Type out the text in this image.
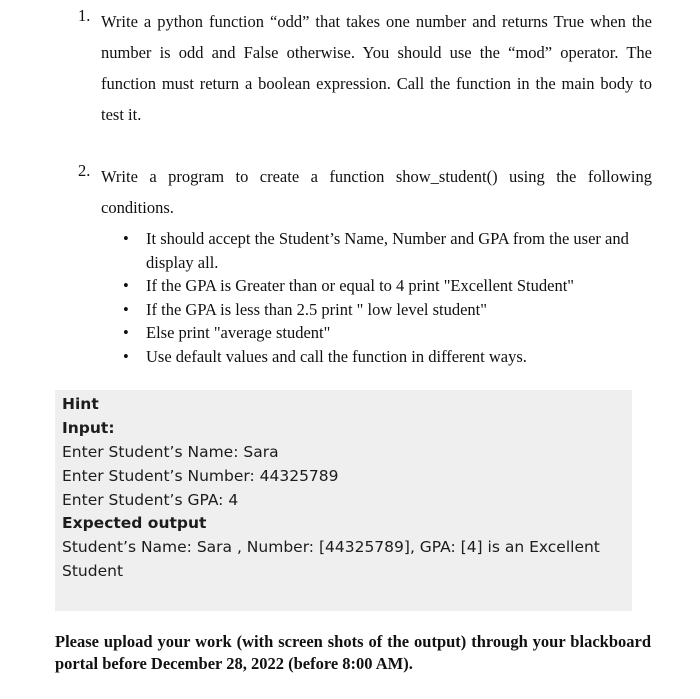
1. Write a python function “odd” that takes one number and returns True when the number is odd and False otherwise. You should use the “mod” operator. The function must return a boolean expression. Call the function in the main body to test it.
2. Write a program to create a function show_student() using the following conditions.
• It should accept the Student’s Name, Number and GPA from the user and display all.
• If the GPA is Greater than or equal to 4 print "Excellent Student"
• If the GPA is less than 2.5 print " low level student"
• Else print "average student"
• Use default values and call the function in different ways.
Hint
Input:
Enter Student’s Name: Sara
Enter Student’s Number: 44325789
Enter Student’s GPA: 4
Expected output
Student’s Name: Sara , Number: [44325789], GPA: [4] is an Excellent
Student
Please upload your work (with screen shots of the output) through your blackboard portal before December 28, 2022 (before 8:00 AM).
